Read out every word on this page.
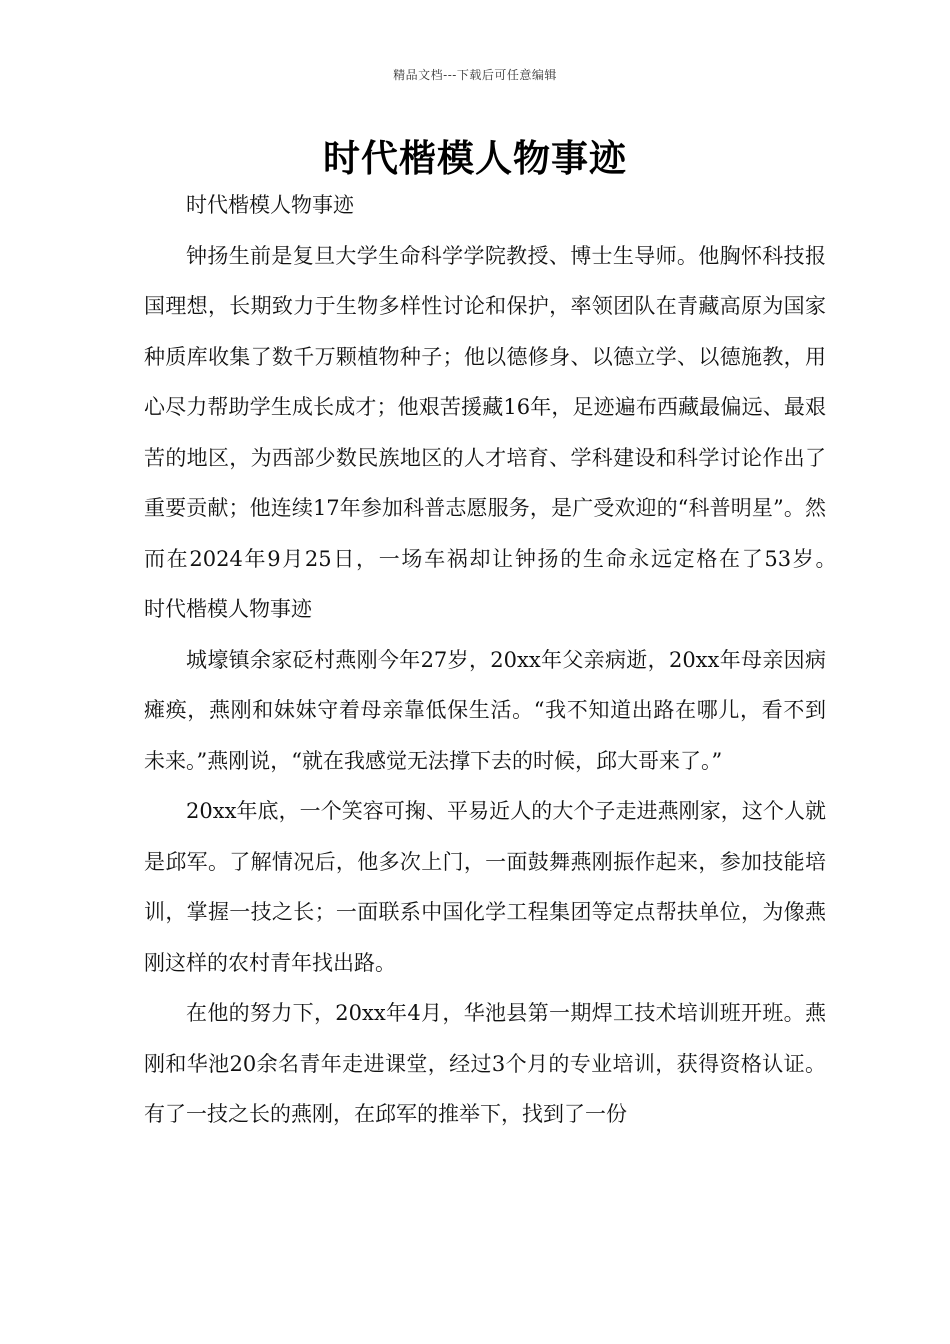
精品文档---下载后可任意编辑
时代楷模人物事迹

时代楷模人物事迹

钟扬生前是复旦大学生命科学学院教授、博士生导师。他胸怀科技报国理想，长期致力于生物多样性讨论和保护，率领团队在青藏高原为国家种质库收集了数千万颗植物种子；他以德修身、以德立学、以德施教，用心尽力帮助学生成长成才；他艰苦援藏16年，足迹遍布西藏最偏远、最艰苦的地区，为西部少数民族地区的人才培育、学科建设和科学讨论作出了重要贡献；他连续17年参加科普志愿服务，是广受欢迎的“科普明星”。然而在2024年9月25日，一场车祸却让钟扬的生命永远定格在了53岁。　　时代楷模人物事迹

城壕镇余家砭村燕刚今年27岁，20xx年父亲病逝，20xx年母亲因病瘫痪，燕刚和妹妹守着母亲靠低保生活。“我不知道出路在哪儿，看不到未来。”燕刚说，“就在我感觉无法撑下去的时候，邱大哥来了。”

20xx年底，一个笑容可掬、平易近人的大个子走进燕刚家，这个人就是邱军。了解情况后，他多次上门，一面鼓舞燕刚振作起来，参加技能培训，掌握一技之长；一面联系中国化学工程集团等定点帮扶单位，为像燕刚这样的农村青年找出路。

在他的努力下，20xx年4月，华池县第一期焊工技术培训班开班。燕刚和华池20余名青年走进课堂，经过3个月的专业培训，获得资格认证。有了一技之长的燕刚，在邱军的推举下，找到了一份
